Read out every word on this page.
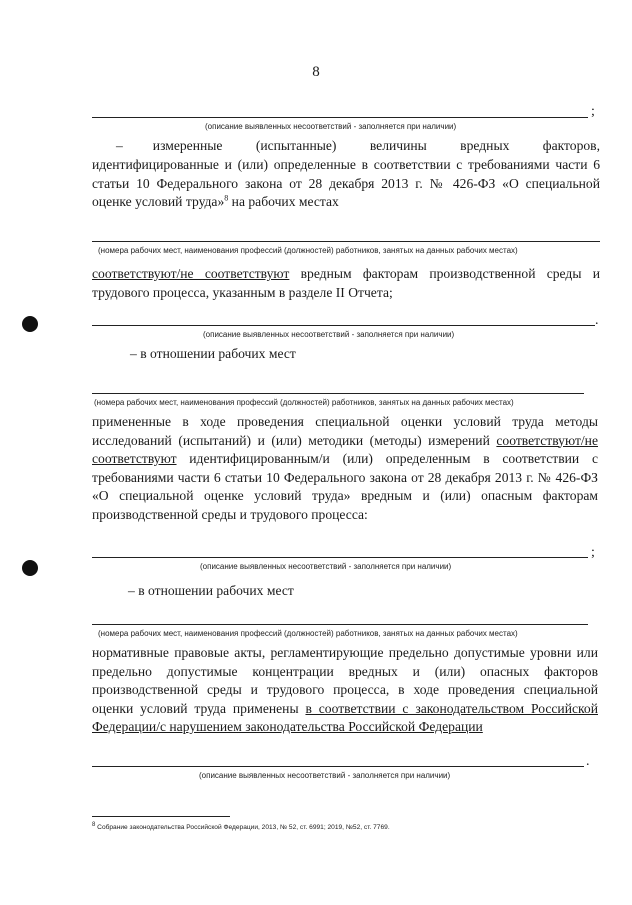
8
;
(описание выявленных несоответствий - заполняется при наличии)
– измеренные (испытанные) величины вредных факторов,
идентифицированные и (или) определенные в соответствии с требованиями части 6
статьи 10 Федерального закона от 28 декабря 2013 г. № 426-ФЗ «О специальной
оценке условий труда»$^8$ на рабочих местах
(номера рабочих мест, наименования профессий (должностей) работников, занятых на данных рабочих местах)
соответствуют/не соответствуют вредным факторам производственной среды и трудового процесса, указанным в разделе II Отчета;
.
(описание выявленных несоответствий - заполняется при наличии)
– в отношении рабочих мест
(номера рабочих мест, наименования профессий (должностей) работников, занятых на данных рабочих местах)
примененные в ходе проведения специальной оценки условий труда методы исследований (испытаний) и (или) методики (методы) измерений соответствуют/не соответствуют идентифицированным/и (или) определенным в соответствии с требованиями части 6 статьи 10 Федерального закона от 28 декабря 2013 г. № 426-ФЗ «О специальной оценке условий труда» вредным и (или) опасным факторам производственной среды и трудового процесса:
;
(описание выявленных несоответствий - заполняется при наличии)
– в отношении рабочих мест
(номера рабочих мест, наименования профессий (должностей) работников, занятых на данных рабочих местах)
нормативные правовые акты, регламентирующие предельно допустимые уровни или предельно допустимые концентрации вредных и (или) опасных факторов производственной среды и трудового процесса, в ходе проведения специальной оценки условий труда применены в соответствии с законодательством Российской Федерации/с нарушением законодательства Российской Федерации
.
(описание выявленных несоответствий - заполняется при наличии)
8 Собрание законодательства Российской Федерации, 2013, № 52, ст. 6991; 2019, №52, ст. 7769.
